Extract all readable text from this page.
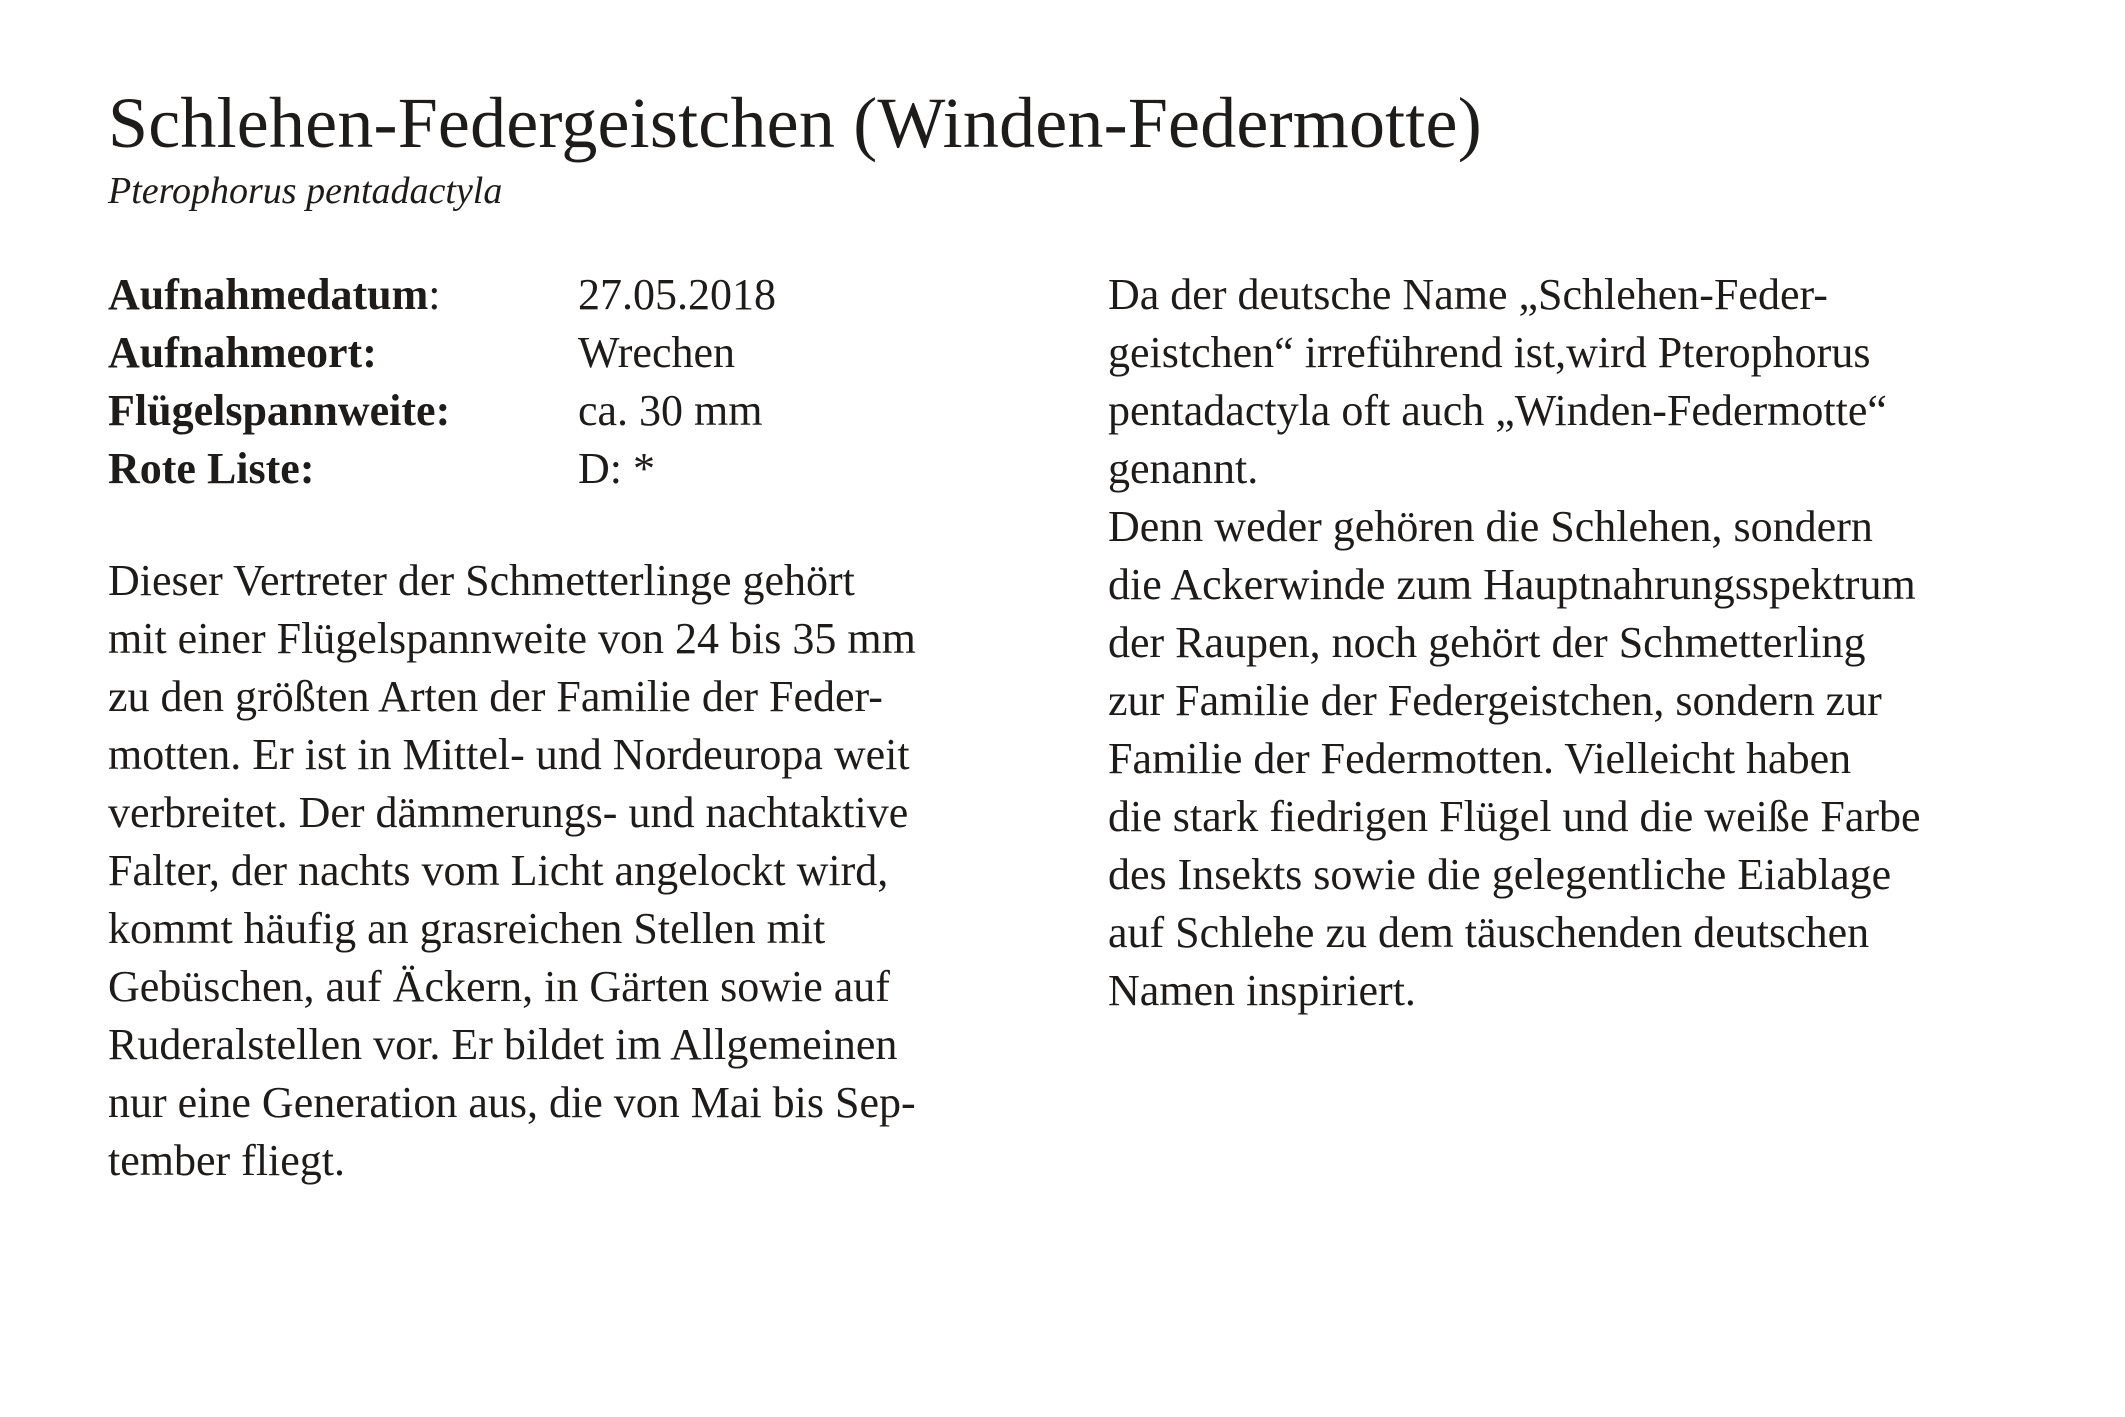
Schlehen-Federgeistchen (Winden-Federmotte)

Pterophorus pentadactyla

Aufnahmedatum:	27.05.2018
Aufnahmeort:	Wrechen
Flügelspannweite:	ca. 30 mm
Rote Liste:	D: *
Dieser Vertreter der Schmetterlinge gehört
mit einer Flügelspannweite von 24 bis 35 mm
zu den größten Arten der Familie der Feder-
motten. Er ist in Mittel- und Nordeuropa weit
verbreitet. Der dämmerungs- und nachtaktive
Falter, der nachts vom Licht angelockt wird,
kommt häufig an grasreichen Stellen mit
Gebüschen, auf Äckern, in Gärten sowie auf
Ruderalstellen vor. Er bildet im Allgemeinen
nur eine Generation aus, die von Mai bis Sep-
tember fliegt.
Da der deutsche Name „Schlehen-Feder-
geistchen“ irreführend ist,wird Pterophorus
pentadactyla oft auch „Winden-Federmotte“
genannt.
Denn weder gehören die Schlehen, sondern
die Ackerwinde zum Hauptnahrungsspektrum
der Raupen, noch gehört der Schmetterling
zur Familie der Federgeistchen, sondern zur
Familie der Federmotten. Vielleicht haben
die stark fiedrigen Flügel und die weiße Farbe
des Insekts sowie die gelegentliche Eiablage
auf Schlehe zu dem täuschenden deutschen
Namen inspiriert.
